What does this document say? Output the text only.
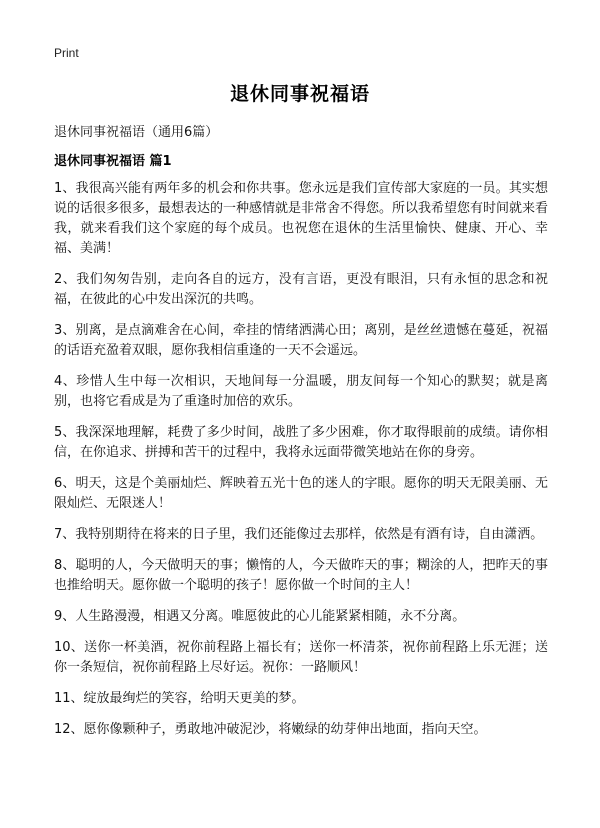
Print
退休同事祝福语
退休同事祝福语（通用6篇）
退休同事祝福语 篇1

1、我很高兴能有两年多的机会和你共事。您永远是我们宣传部大家庭的一员。其实想说的话很多很多，最想表达的一种感情就是非常舍不得您。所以我希望您有时间就来看我，就来看我们这个家庭的每个成员。也祝您在退休的生活里愉快、健康、开心、幸福、美满！

2、我们匆匆告别，走向各自的远方，没有言语，更没有眼泪，只有永恒的思念和祝福，在彼此的心中发出深沉的共鸣。

3、别离，是点滴难舍在心间，牵挂的情绪洒满心田；离别，是丝丝遗憾在蔓延，祝福的话语充盈着双眼，愿你我相信重逢的一天不会遥远。

4、珍惜人生中每一次相识，天地间每一分温暖，朋友间每一个知心的默契；就是离别，也将它看成是为了重逢时加倍的欢乐。

5、我深深地理解，耗费了多少时间，战胜了多少困难，你才取得眼前的成绩。请你相信，在你追求、拼搏和苦干的过程中，我将永远面带微笑地站在你的身旁。

6、明天，这是个美丽灿烂、辉映着五光十色的迷人的字眼。愿你的明天无限美丽、无限灿烂、无限迷人！

7、我特别期待在将来的日子里，我们还能像过去那样，依然是有酒有诗，自由潇洒。

8、聪明的人，今天做明天的事；懒惰的人，今天做昨天的事；糊涂的人，把昨天的事也推给明天。愿你做一个聪明的孩子！愿你做一个时间的主人！

9、人生路漫漫，相遇又分离。唯愿彼此的心儿能紧紧相随，永不分离。

10、送你一杯美酒，祝你前程路上福长有；送你一杯清茶，祝你前程路上乐无涯；送你一条短信，祝你前程路上尽好运。祝你：一路顺风！

11、绽放最绚烂的笑容，给明天更美的梦。

12、愿你像颗种子，勇敢地冲破泥沙，将嫩绿的幼芽伸出地面，指向天空。
